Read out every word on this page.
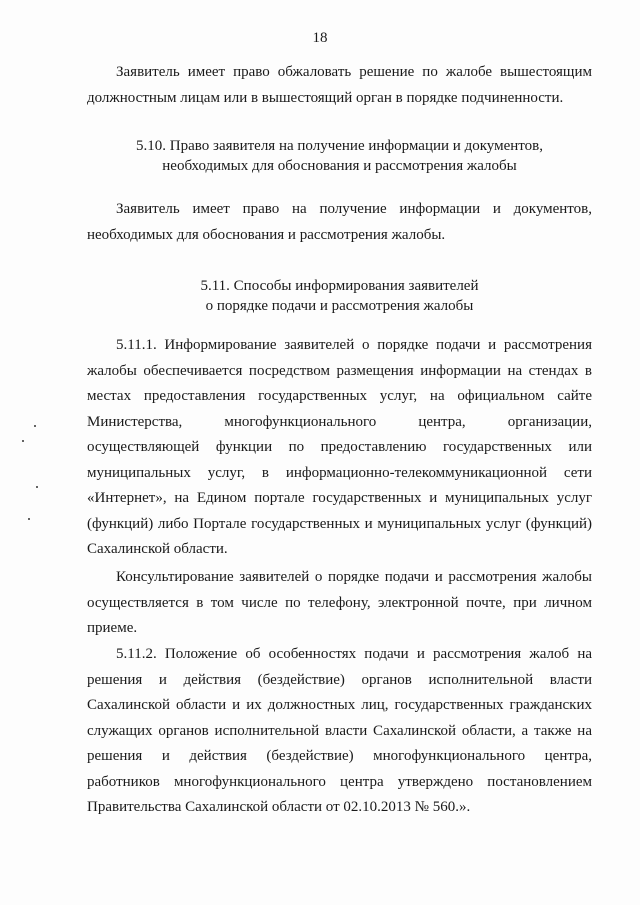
18
Заявитель имеет право обжаловать решение по жалобе вышестоящим
должностным лицам или в вышестоящий орган в порядке подчиненности.
5.10. Право заявителя на получение информации и документов,
необходимых для обоснования и рассмотрения жалобы
Заявитель имеет право на получение информации и документов,
необходимых для обоснования и рассмотрения жалобы.
5.11. Способы информирования заявителей
о порядке подачи и рассмотрения жалобы
5.11.1. Информирование заявителей о порядке подачи и рассмотрения
жалобы обеспечивается посредством размещения информации на стендах в
местах предоставления государственных услуг, на официальном сайте
Министерства, многофункционального центра, организации,
осуществляющей функции по предоставлению государственных или
муниципальных услуг, в информационно-телекоммуникационной сети
«Интернет», на Едином портале государственных и муниципальных услуг
(функций) либо Портале государственных и муниципальных услуг (функций)
Сахалинской области.
Консультирование заявителей о порядке подачи и рассмотрения жалобы
осуществляется в том числе по телефону, электронной почте, при личном
приеме.
5.11.2. Положение об особенностях подачи и рассмотрения жалоб на
решения и действия (бездействие) органов исполнительной власти
Сахалинской области и их должностных лиц, государственных гражданских
служащих органов исполнительной власти Сахалинской области, а также на
решения и действия (бездействие) многофункционального центра,
работников многофункционального центра утверждено постановлением
Правительства Сахалинской области от 02.10.2013 № 560.».
